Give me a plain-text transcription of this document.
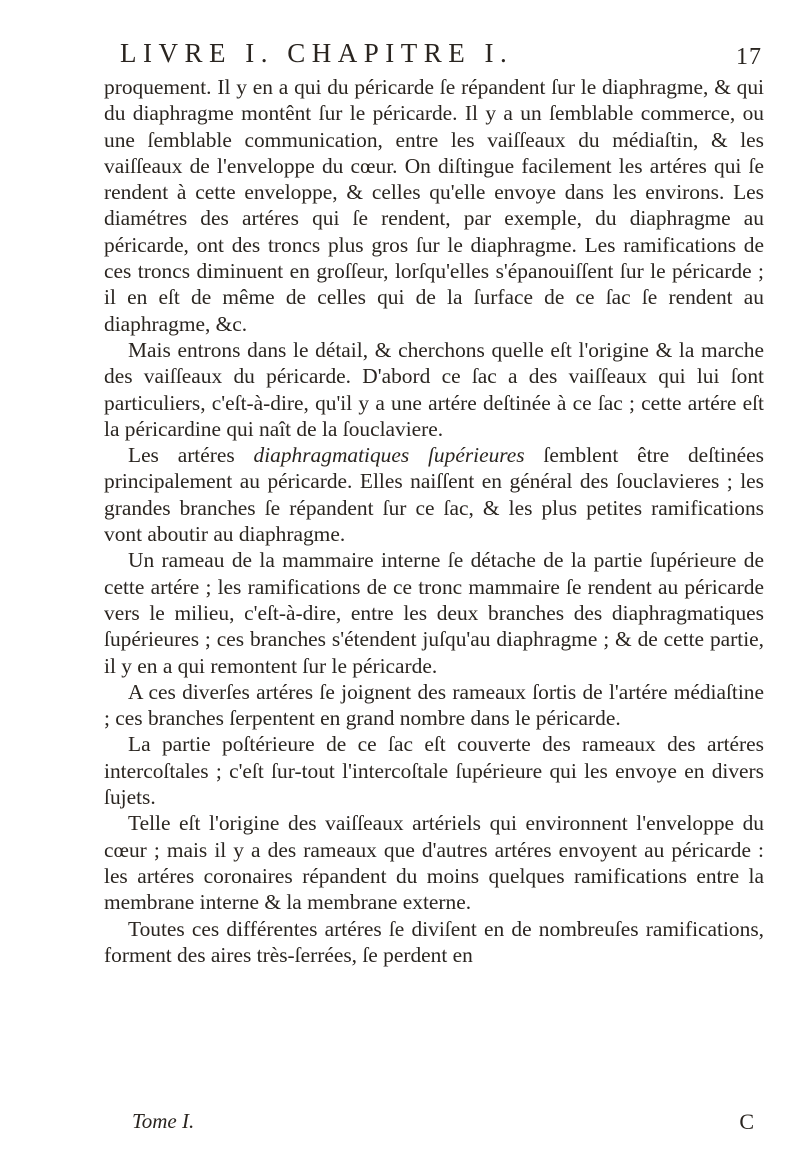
LIVRE I. CHAPITRE I.	17

proquement. Il y en a qui du péricarde ſe répandent ſur le diaphragme, & qui du diaphragme montênt ſur le péricarde. Il y a un ſemblable commerce, ou une ſemblable communication, entre les vaiſſeaux du médiaſtin, & les vaiſſeaux de l'enveloppe du cœur. On diſtingue facilement les artéres qui ſe rendent à cette enveloppe, & celles qu'elle envoye dans les environs. Les diamétres des artéres qui ſe rendent, par exemple, du diaphragme au péricarde, ont des troncs plus gros ſur le diaphragme. Les ramifications de ces troncs diminuent en groſſeur, lorſqu'elles s'épanouiſſent ſur le péricarde ; il en eſt de même de celles qui de la ſurface de ce ſac ſe rendent au diaphragme, &c.

Mais entrons dans le détail, & cherchons quelle eſt l'origine & la marche des vaiſſeaux du péricarde. D'abord ce ſac a des vaiſſeaux qui lui ſont particuliers, c'eſt-à-dire, qu'il y a une artére deſtinée à ce ſac ; cette artére eſt la péricardine qui naît de la ſouclaviere.

Les artéres diaphragmatiques ſupérieures ſemblent être deſtinées principalement au péricarde. Elles naiſſent en général des ſouclavieres ; les grandes branches ſe répandent ſur ce ſac, & les plus petites ramifications vont aboutir au diaphragme.

Un rameau de la mammaire interne ſe détache de la partie ſupérieure de cette artére ; les ramifications de ce tronc mammaire ſe rendent au péricarde vers le milieu, c'eſt-à-dire, entre les deux branches des diaphragmatiques ſupérieures ; ces branches s'étendent juſqu'au diaphragme ; & de cette partie, il y en a qui remontent ſur le péricarde.

A ces diverſes artéres ſe joignent des rameaux ſortis de l'artére médiaſtine ; ces branches ſerpentent en grand nombre dans le péricarde.

La partie poſtérieure de ce ſac eſt couverte des rameaux des artéres intercoſtales ; c'eſt ſur-tout l'intercoſtale ſupérieure qui les envoye en divers ſujets.

Telle eſt l'origine des vaiſſeaux artériels qui environnent l'enveloppe du cœur ; mais il y a des rameaux que d'autres artéres envoyent au péricarde : les artéres coronaires répandent du moins quelques ramifications entre la membrane interne & la membrane externe.

Toutes ces différentes artéres ſe diviſent en de nombreuſes ramifications, forment des aires très-ſerrées, ſe perdent en

Tome I.	C
